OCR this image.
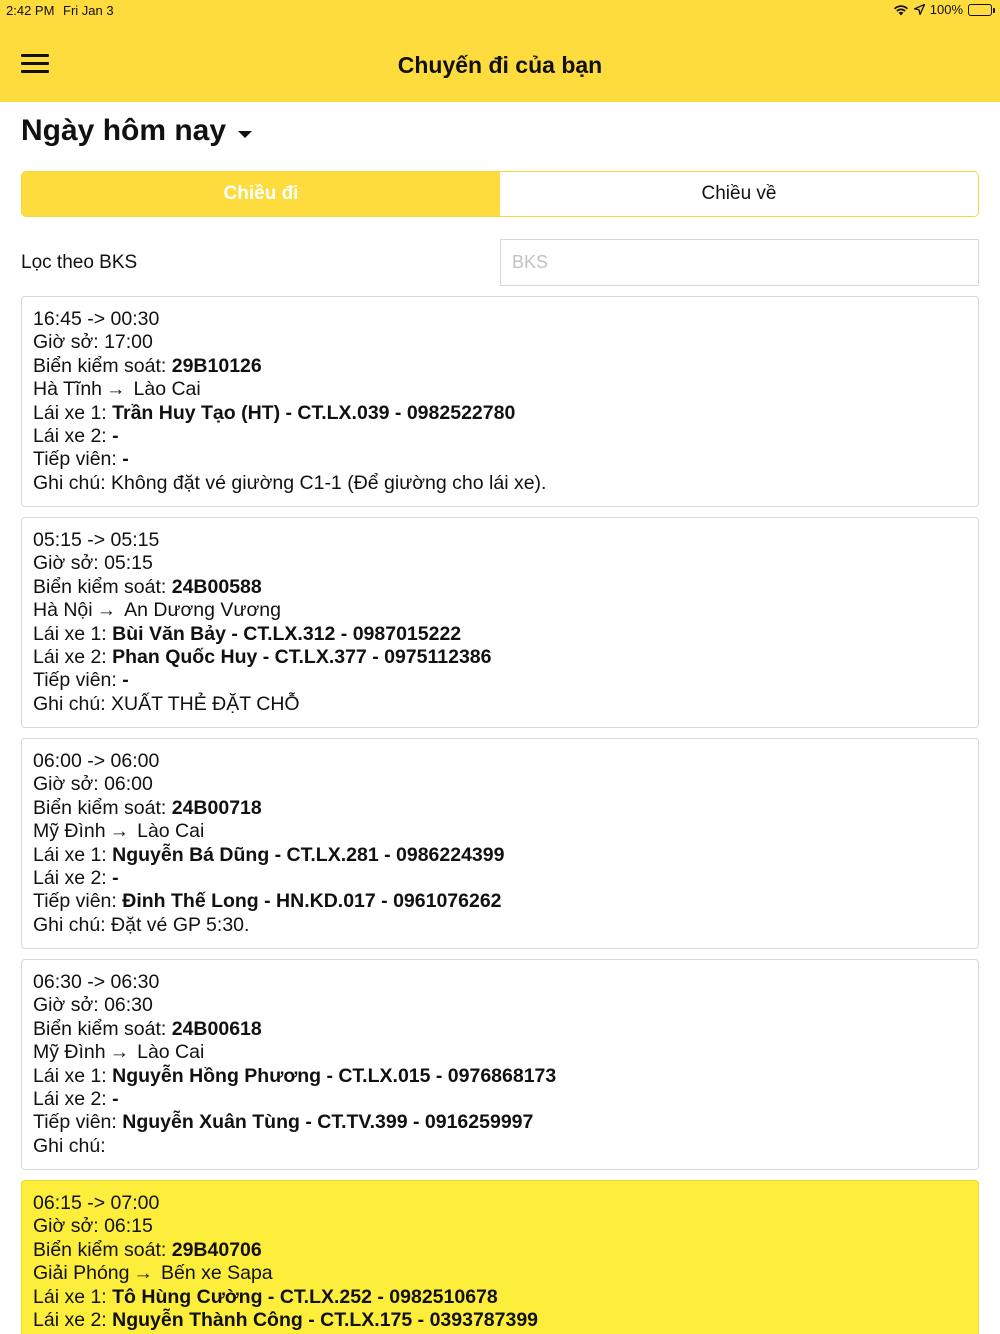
2:42 PM Fri Jan 3	100%
Chuyến đi của bạn
Ngày hôm nay
Chiều đi	Chiều về
Lọc theo BKS
BKS
16:45 -> 00:30
Giờ sở: 17:00
Biển kiểm soát: 29B10126
Hà Tĩnh → Lào Cai
Lái xe 1: Trần Huy Tạo (HT) - CT.LX.039 - 0982522780
Lái xe 2: -
Tiếp viên: -
Ghi chú: Không đặt vé giường C1-1 (Để giường cho lái xe).
05:15 -> 05:15
Giờ sở: 05:15
Biển kiểm soát: 24B00588
Hà Nội → An Dương Vương
Lái xe 1: Bùi Văn Bảy - CT.LX.312 - 0987015222
Lái xe 2: Phan Quốc Huy - CT.LX.377 - 0975112386
Tiếp viên: -
Ghi chú: XUẤT THẺ ĐẶT CHỖ
06:00 -> 06:00
Giờ sở: 06:00
Biển kiểm soát: 24B00718
Mỹ Đình → Lào Cai
Lái xe 1: Nguyễn Bá Dũng - CT.LX.281 - 0986224399
Lái xe 2: -
Tiếp viên: Đinh Thế Long - HN.KD.017 - 0961076262
Ghi chú: Đặt vé GP 5:30.
06:30 -> 06:30
Giờ sở: 06:30
Biển kiểm soát: 24B00618
Mỹ Đình → Lào Cai
Lái xe 1: Nguyễn Hồng Phương - CT.LX.015 - 0976868173
Lái xe 2: -
Tiếp viên: Nguyễn Xuân Tùng - CT.TV.399 - 0916259997
Ghi chú:
06:15 -> 07:00
Giờ sở: 06:15
Biển kiểm soát: 29B40706
Giải Phóng → Bến xe Sapa
Lái xe 1: Tô Hùng Cường - CT.LX.252 - 0982510678
Lái xe 2: Nguyễn Thành Công - CT.LX.175 - 0393787399
